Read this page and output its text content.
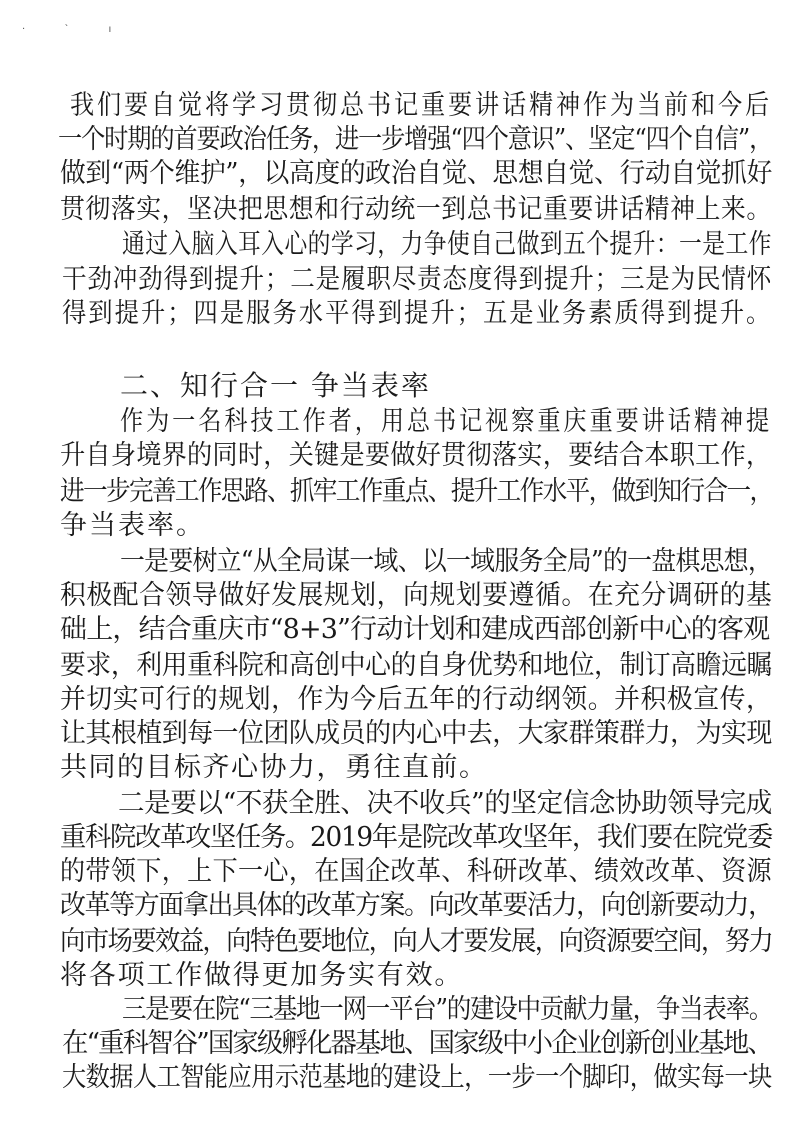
· ˋ ı
我们要自觉将学习贯彻总书记重要讲话精神作为当前和今后
一个时期的首要政治任务，进一步增强“四个意识”、坚定“四个自信”，
做到“两个维护”，以高度的政治自觉、思想自觉、行动自觉抓好
贯彻落实，坚决把思想和行动统一到总书记重要讲话精神上来。
通过入脑入耳入心的学习，力争使自己做到五个提升：一是工作
干劲冲劲得到提升；二是履职尽责态度得到提升；三是为民情怀
得到提升；四是服务水平得到提升；五是业务素质得到提升。
二、知行合一 争当表率
作为一名科技工作者，用总书记视察重庆重要讲话精神提
升自身境界的同时，关键是要做好贯彻落实，要结合本职工作，
进一步完善工作思路、抓牢工作重点、提升工作水平，做到知行合一，
争当表率。
一是要树立“从全局谋一域、以一域服务全局”的一盘棋思想，
积极配合领导做好发展规划，向规划要遵循。在充分调研的基
础上，结合重庆市“8+3”行动计划和建成西部创新中心的客观
要求，利用重科院和高创中心的自身优势和地位，制订高瞻远瞩
并切实可行的规划，作为今后五年的行动纲领。并积极宣传，
让其根植到每一位团队成员的内心中去，大家群策群力，为实现
共同的目标齐心协力，勇往直前。
二是要以“不获全胜、决不收兵”的坚定信念协助领导完成
重科院改革攻坚任务。2019年是院改革攻坚年，我们要在院党委
的带领下，上下一心，在国企改革、科研改革、绩效改革、资源
改革等方面拿出具体的改革方案。向改革要活力，向创新要动力，
向市场要效益，向特色要地位，向人才要发展，向资源要空间，努力
将各项工作做得更加务实有效。
三是要在院“三基地一网一平台”的建设中贡献力量，争当表率。
在“重科智谷”国家级孵化器基地、国家级中小企业创新创业基地、
大数据人工智能应用示范基地的建设上，一步一个脚印，做实每一块
